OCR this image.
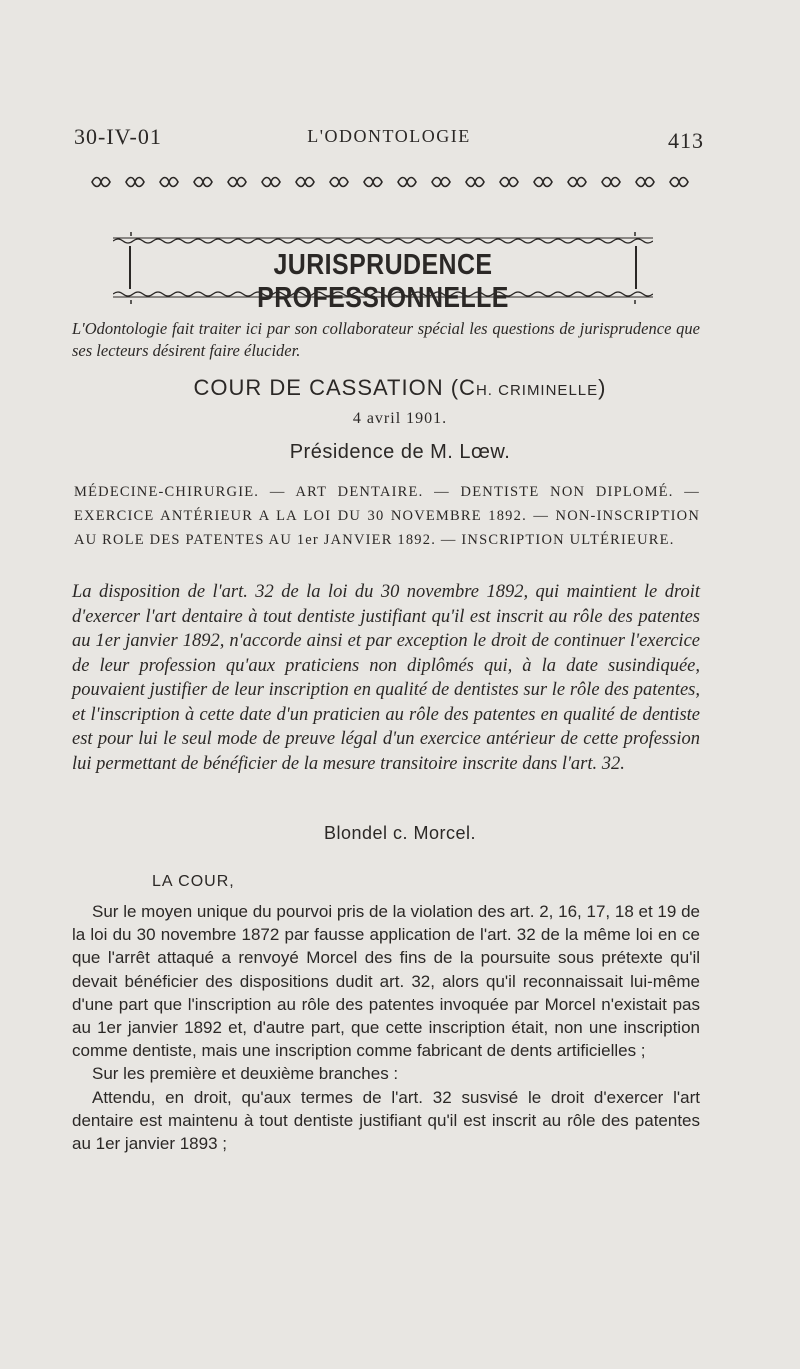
30-IV-01	L'ODONTOLOGIE	413
JURISPRUDENCE PROFESSIONNELLE
L'Odontologie fait traiter ici par son collaborateur spécial les questions de jurisprudence que ses lecteurs désirent faire élucider.
COUR DE CASSATION (CH. CRIMINELLE)
4 avril 1901.
Présidence de M. Lœw.
MÉDECINE-CHIRURGIE. — ART DENTAIRE. — DENTISTE NON DIPLOMÉ. — EXERCICE ANTÉRIEUR A LA LOI DU 30 NOVEMBRE 1892. — NON-INSCRIPTION AU ROLE DES PATENTES AU 1er JANVIER 1892. — INSCRIPTION ULTÉRIEURE.
La disposition de l'art. 32 de la loi du 30 novembre 1892, qui maintient le droit d'exercer l'art dentaire à tout dentiste justifiant qu'il est inscrit au rôle des patentes au 1er janvier 1892, n'accorde ainsi et par exception le droit de continuer l'exercice de leur profession qu'aux praticiens non diplômés qui, à la date susindiquée, pouvaient justifier de leur inscription en qualité de dentistes sur le rôle des patentes, et l'inscription à cette date d'un praticien au rôle des patentes en qualité de dentiste est pour lui le seul mode de preuve légal d'un exercice antérieur de cette profession lui permettant de bénéficier de la mesure transitoire inscrite dans l'art. 32.
Blondel c. Morcel.
LA COUR,

Sur le moyen unique du pourvoi pris de la violation des art. 2, 16, 17, 18 et 19 de la loi du 30 novembre 1872 par fausse application de l'art. 32 de la même loi en ce que l'arrêt attaqué a renvoyé Morcel des fins de la poursuite sous prétexte qu'il devait bénéficier des dispositions dudit art. 32, alors qu'il reconnaissait lui-même d'une part que l'inscription au rôle des patentes invoquée par Morcel n'existait pas au 1er janvier 1892 et, d'autre part, que cette inscription était, non une inscription comme dentiste, mais une inscription comme fabricant de dents artificielles ;

Sur les première et deuxième branches :

Attendu, en droit, qu'aux termes de l'art. 32 susvisé le droit d'exercer l'art dentaire est maintenu à tout dentiste justifiant qu'il est inscrit au rôle des patentes au 1er janvier 1893 ;
